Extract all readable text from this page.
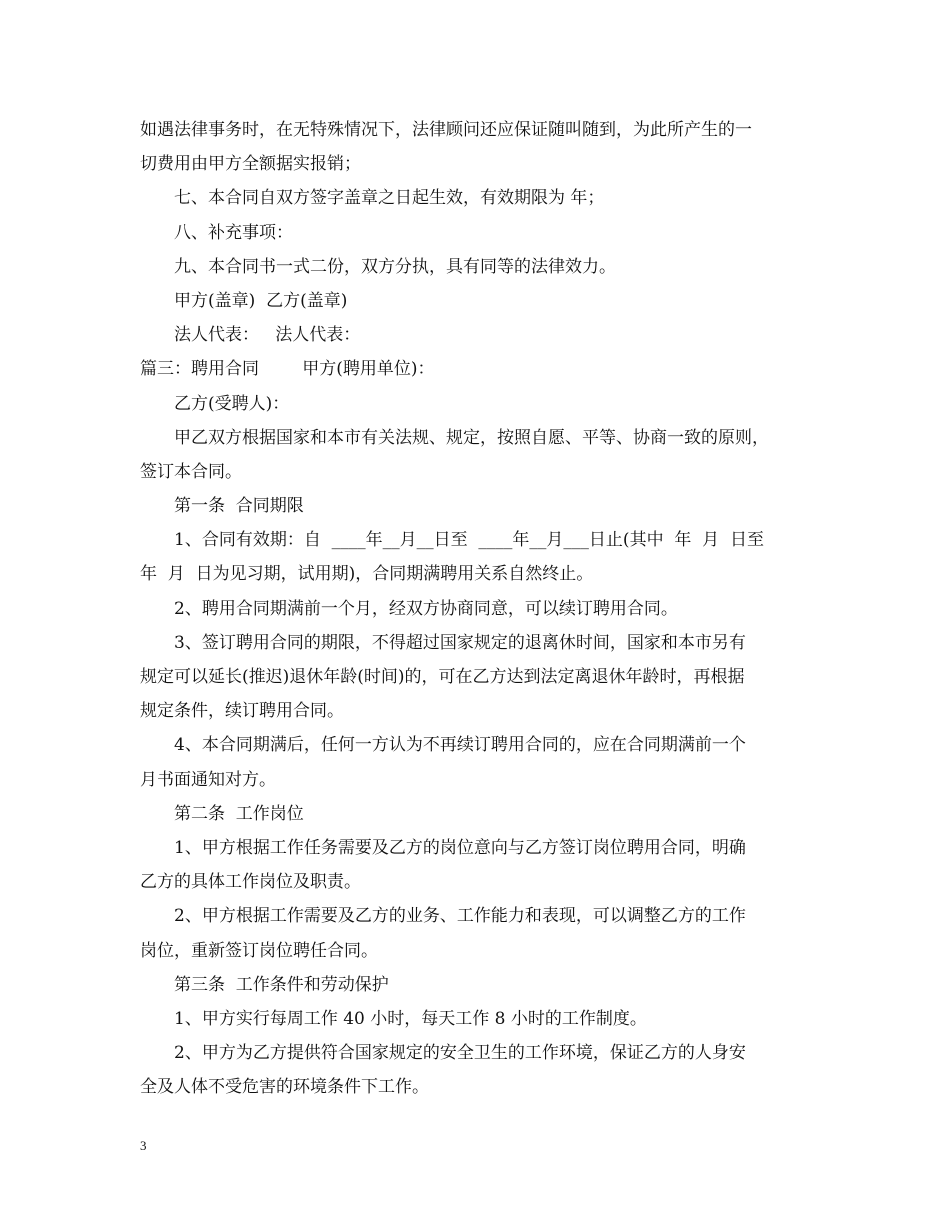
如遇法律事务时，在无特殊情况下，法律顾问还应保证随叫随到，为此所产生的一
切费用由甲方全额据实报销；
七、本合同自双方签字盖章之日起生效，有效期限为 年；
八、补充事项：
九、本合同书一式二份，双方分执，具有同等的法律效力。
甲方(盖章)  乙方(盖章)
法人代表：   法人代表：
篇三：聘用合同        甲方(聘用单位)：
乙方(受聘人)：
甲乙双方根据国家和本市有关法规、规定，按照自愿、平等、协商一致的原则，
签订本合同。
第一条  合同期限
1、合同有效期：自  ____年__月__日至  ____年__月___日止(其中  年  月  日至
年  月  日为见习期，试用期)，合同期满聘用关系自然终止。
2、聘用合同期满前一个月，经双方协商同意，可以续订聘用合同。
3、签订聘用合同的期限，不得超过国家规定的退离休时间，国家和本市另有
规定可以延长(推迟)退休年龄(时间)的，可在乙方达到法定离退休年龄时，再根据
规定条件，续订聘用合同。
4、本合同期满后，任何一方认为不再续订聘用合同的，应在合同期满前一个
月书面通知对方。
第二条  工作岗位
1、甲方根据工作任务需要及乙方的岗位意向与乙方签订岗位聘用合同，明确
乙方的具体工作岗位及职责。
2、甲方根据工作需要及乙方的业务、工作能力和表现，可以调整乙方的工作
岗位，重新签订岗位聘任合同。
第三条  工作条件和劳动保护
1、甲方实行每周工作 40 小时，每天工作 8 小时的工作制度。
2、甲方为乙方提供符合国家规定的安全卫生的工作环境，保证乙方的人身安
全及人体不受危害的环境条件下工作。
3
